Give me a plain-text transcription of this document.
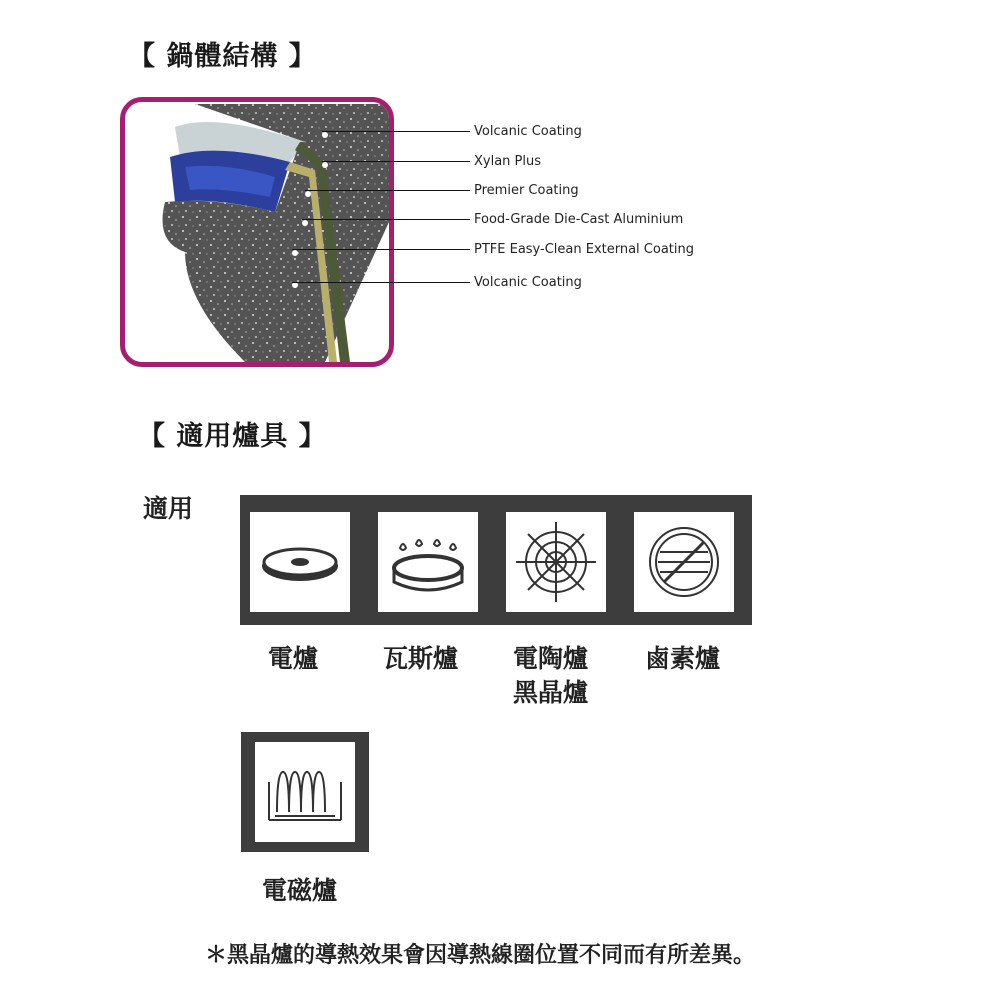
【 鍋體結構 】
Volcanic Coating
Xylan Plus
Premier Coating
Food-Grade Die-Cast Aluminium
PTFE Easy-Clean External Coating
Volcanic Coating
【 適用爐具 】
適用
電爐	瓦斯爐 電陶爐
黑晶爐
鹵素爐
電磁爐
＊黑晶爐的導熱效果會因導熱線圈位置不同而有所差異。
